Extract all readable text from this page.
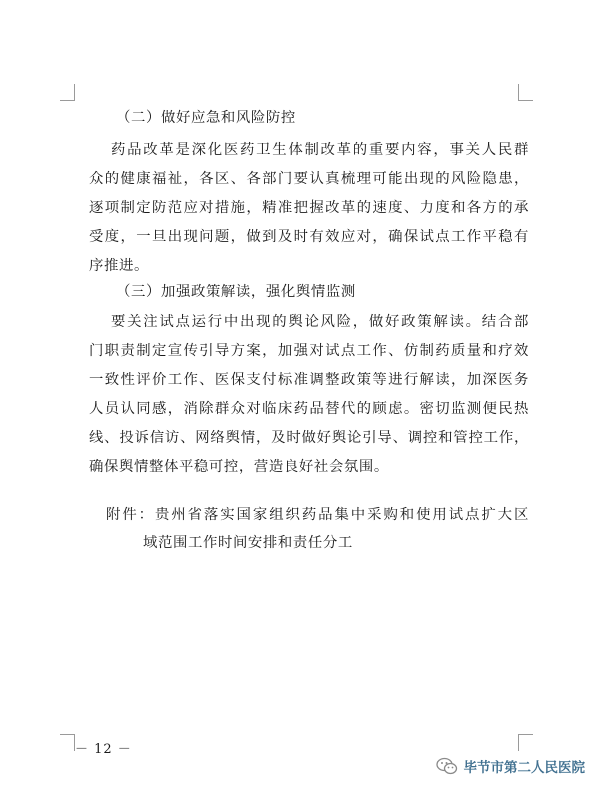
（二）做好应急和风险防控
药品改革是深化医药卫生体制改革的重要内容，事关人民群
众的健康福祉，各区、各部门要认真梳理可能出现的风险隐患，
逐项制定防范应对措施，精准把握改革的速度、力度和各方的承
受度，一旦出现问题，做到及时有效应对，确保试点工作平稳有
序推进。
（三）加强政策解读，强化舆情监测
要关注试点运行中出现的舆论风险，做好政策解读。结合部
门职责制定宣传引导方案，加强对试点工作、仿制药质量和疗效
一致性评价工作、医保支付标准调整政策等进行解读，加深医务
人员认同感，消除群众对临床药品替代的顾虑。密切监测便民热
线、投诉信访、网络舆情，及时做好舆论引导、调控和管控工作，
确保舆情整体平稳可控，营造良好社会氛围。
附件：贵州省落实国家组织药品集中采购和使用试点扩大区
域范围工作时间安排和责任分工
－ 12 －
毕节市第二人民医院
